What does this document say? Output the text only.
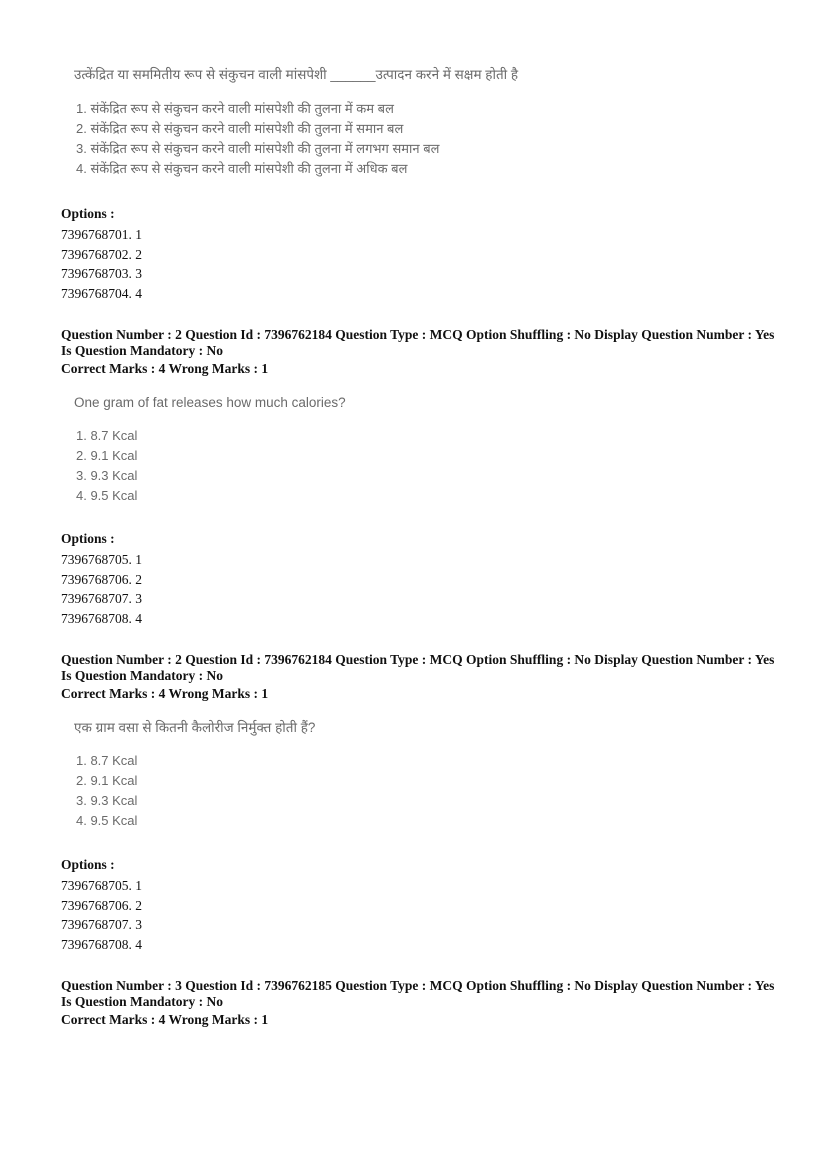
उत्केंद्रित या सममितीय रूप से संकुचन वाली मांसपेशी ______उत्पादन करने में सक्षम होती है
1. संकेंद्रित रूप से संकुचन करने वाली मांसपेशी की तुलना में कम बल
2. संकेंद्रित रूप से संकुचन करने वाली मांसपेशी की तुलना में समान बल
3. संकेंद्रित रूप से संकुचन करने वाली मांसपेशी की तुलना में लगभग समान बल
4. संकेंद्रित रूप से संकुचन करने वाली मांसपेशी की तुलना में अधिक बल
Options :
7396768701. 1
7396768702. 2
7396768703. 3
7396768704. 4
Question Number : 2 Question Id : 7396762184 Question Type : MCQ Option Shuffling : No Display Question Number : Yes
Is Question Mandatory : No
Correct Marks : 4 Wrong Marks : 1
One gram of fat releases how much calories?
1. 8.7 Kcal
2. 9.1 Kcal
3. 9.3 Kcal
4. 9.5 Kcal
Options :
7396768705. 1
7396768706. 2
7396768707. 3
7396768708. 4
Question Number : 2 Question Id : 7396762184 Question Type : MCQ Option Shuffling : No Display Question Number : Yes
Is Question Mandatory : No
Correct Marks : 4 Wrong Marks : 1
एक ग्राम वसा से कितनी कैलोरीज निर्मुक्त होती हैं?
1. 8.7 Kcal
2. 9.1 Kcal
3. 9.3 Kcal
4. 9.5 Kcal
Options :
7396768705. 1
7396768706. 2
7396768707. 3
7396768708. 4
Question Number : 3 Question Id : 7396762185 Question Type : MCQ Option Shuffling : No Display Question Number : Yes
Is Question Mandatory : No
Correct Marks : 4 Wrong Marks : 1
